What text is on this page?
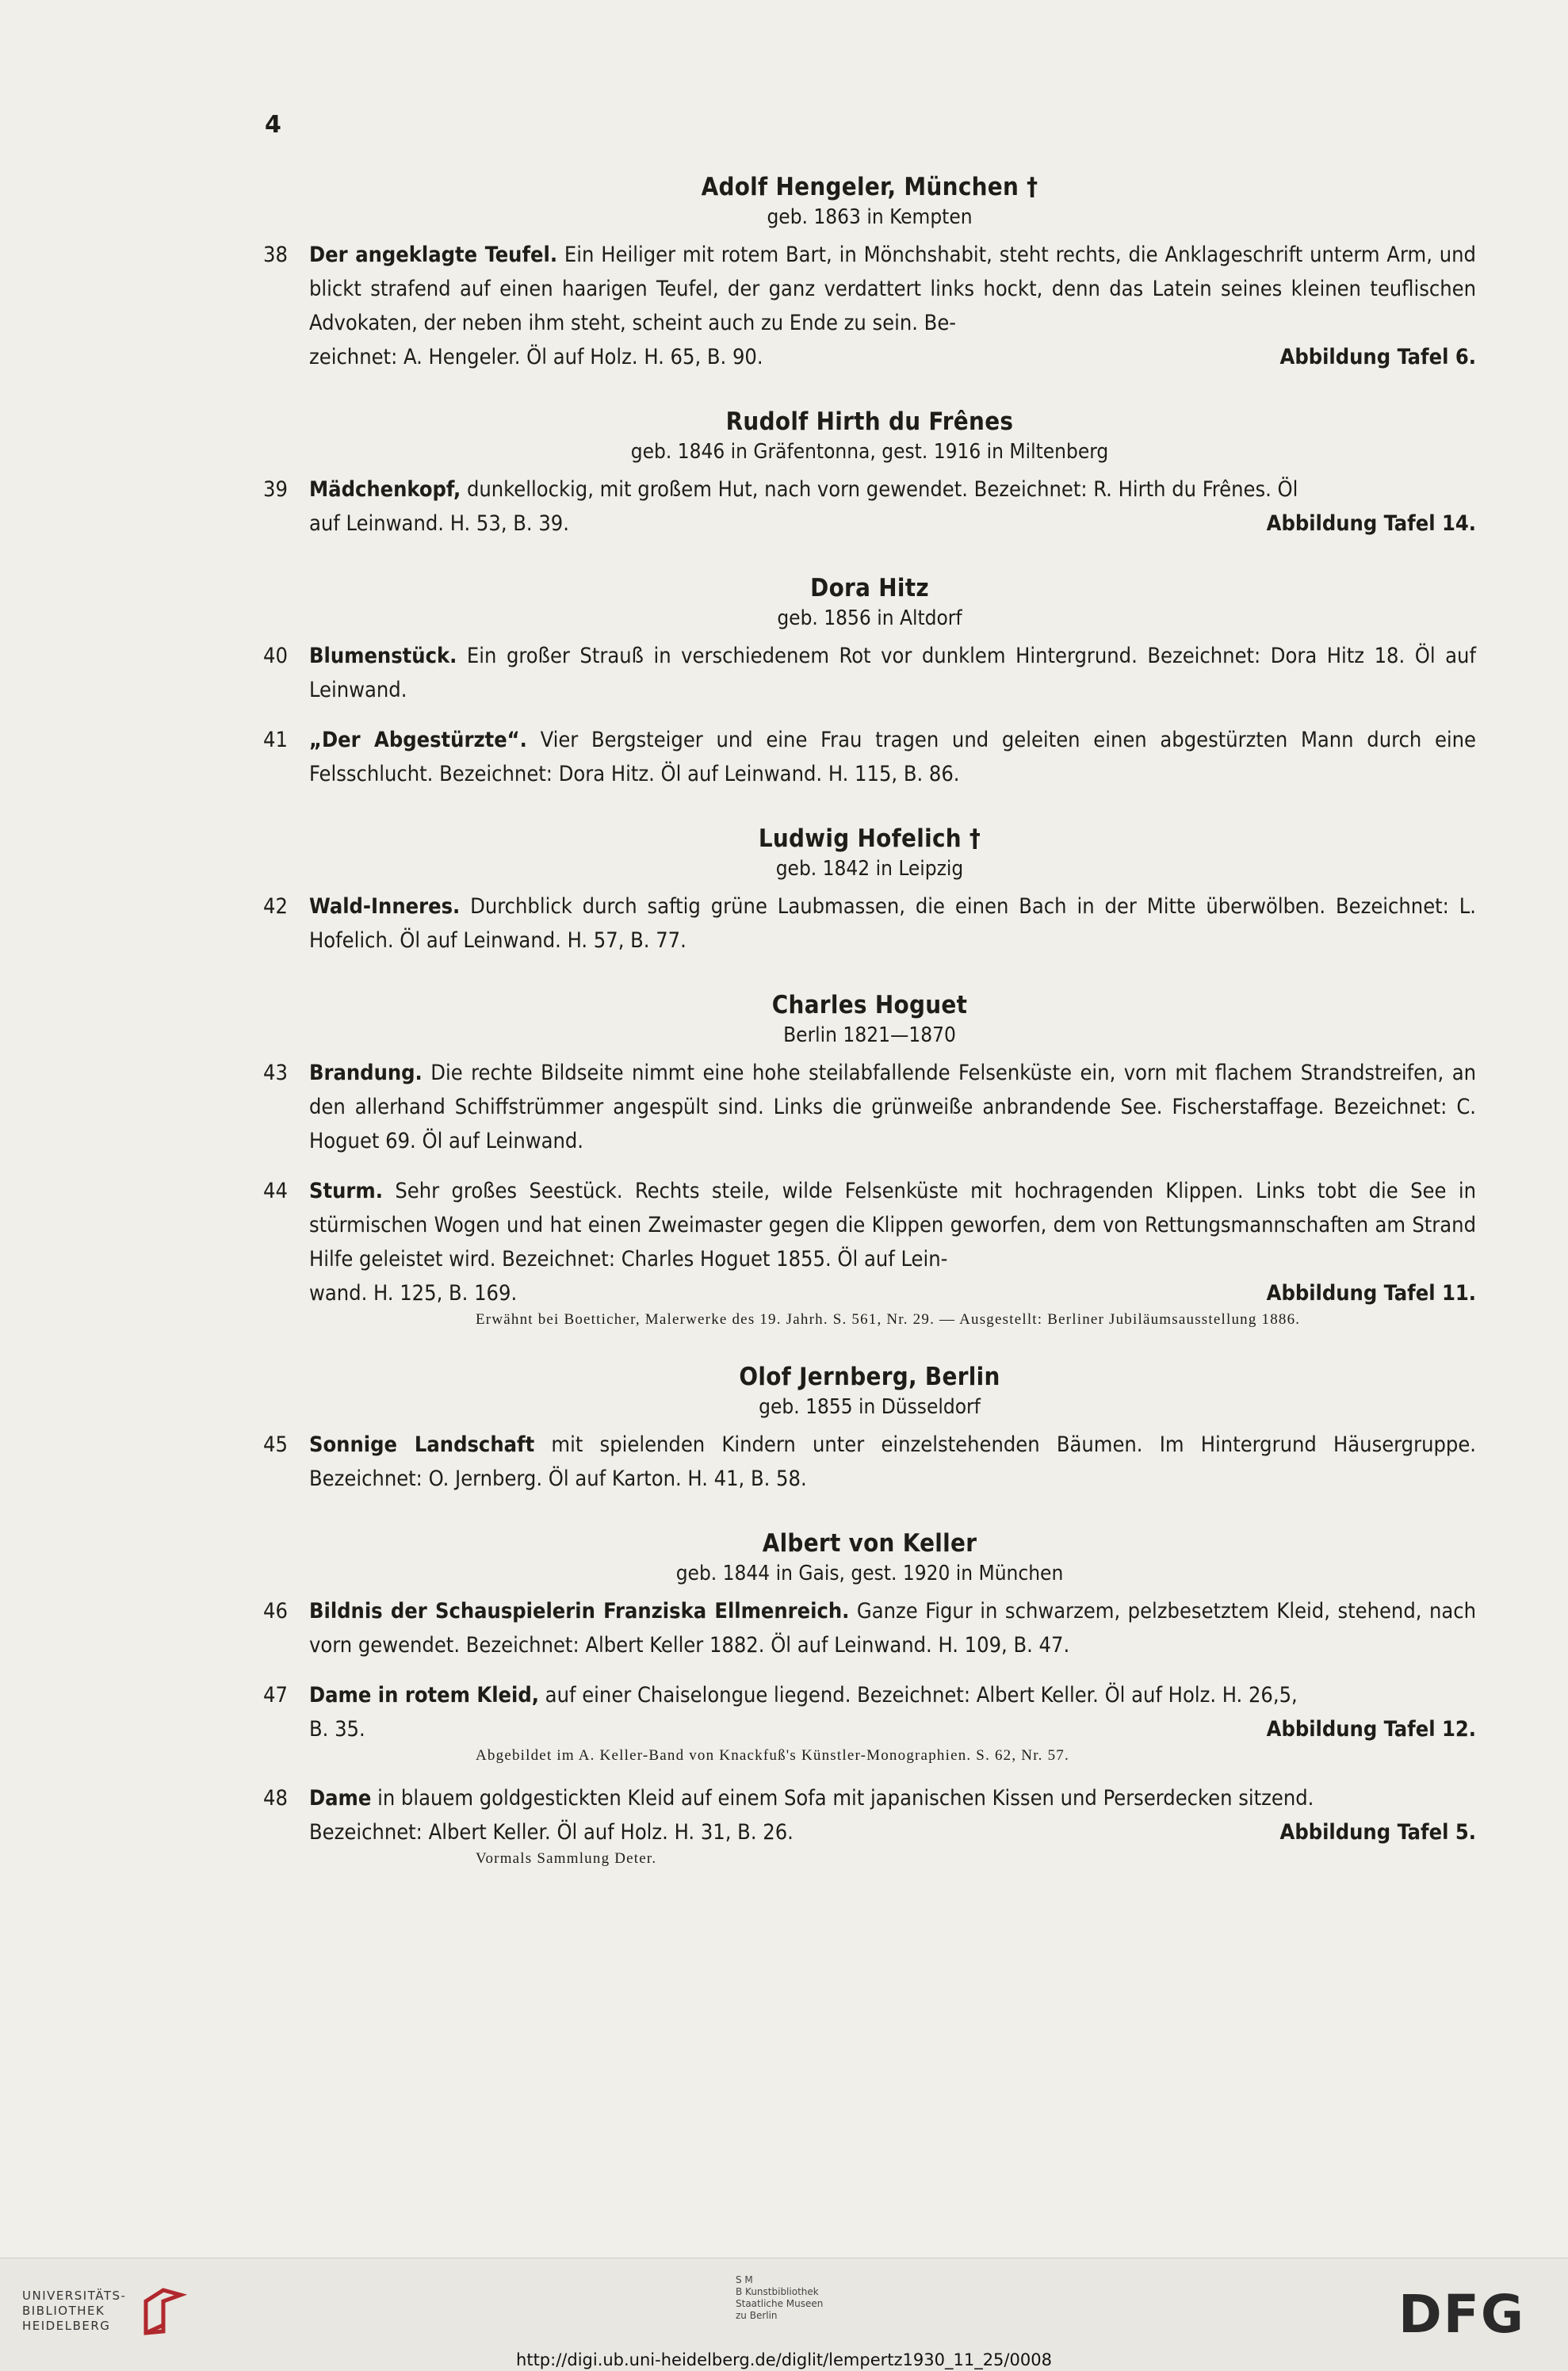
4
Adolf Hengeler, München †
geb. 1863 in Kempten
38 Der angeklagte Teufel. Ein Heiliger mit rotem Bart, in Mönchshabit, steht rechts, die Anklageschrift unterm Arm, und blickt strafend auf einen haarigen Teufel, der ganz verdattert links hockt, denn das Latein seines kleinen teuflischen Advokaten, der neben ihm steht, scheint auch zu Ende zu sein. Be-
zeichnet: A. Hengeler. Öl auf Holz. H. 65, B. 90.	Abbildung Tafel 6.
Rudolf Hirth du Frênes
geb. 1846 in Gräfentonna, gest. 1916 in Miltenberg
39 Mädchenkopf, dunkellockig, mit großem Hut, nach vorn gewendet. Bezeichnet: R. Hirth du Frênes. Öl
auf Leinwand. H. 53, B. 39.	Abbildung Tafel 14.
Dora Hitz
geb. 1856 in Altdorf
40 Blumenstück. Ein großer Strauß in verschiedenem Rot vor dunklem Hintergrund. Bezeichnet: Dora Hitz 18. Öl auf Leinwand.
41 „Der Abgestürzte“. Vier Bergsteiger und eine Frau tragen und geleiten einen abgestürzten Mann durch eine Felsschlucht. Bezeichnet: Dora Hitz. Öl auf Leinwand. H. 115, B. 86.
Ludwig Hofelich †
geb. 1842 in Leipzig
42 Wald-Inneres. Durchblick durch saftig grüne Laubmassen, die einen Bach in der Mitte überwölben. Bezeichnet: L. Hofelich. Öl auf Leinwand. H. 57, B. 77.
Charles Hoguet
Berlin 1821—1870
43 Brandung. Die rechte Bildseite nimmt eine hohe steilabfallende Felsenküste ein, vorn mit flachem Strandstreifen, an den allerhand Schiffstrümmer angespült sind. Links die grünweiße anbrandende See. Fischerstaffage. Bezeichnet: C. Hoguet 69. Öl auf Leinwand.
44 Sturm. Sehr großes Seestück. Rechts steile, wilde Felsenküste mit hochragenden Klippen. Links tobt die See in stürmischen Wogen und hat einen Zweimaster gegen die Klippen geworfen, dem von Rettungsmannschaften am Strand Hilfe geleistet wird. Bezeichnet: Charles Hoguet 1855. Öl auf Lein-
wand. H. 125, B. 169.	Abbildung Tafel 11.
Erwähnt bei Boetticher, Malerwerke des 19. Jahrh. S. 561, Nr. 29. — Ausgestellt: Berliner Jubiläumsausstellung 1886.
Olof Jernberg, Berlin
geb. 1855 in Düsseldorf
45 Sonnige Landschaft mit spielenden Kindern unter einzelstehenden Bäumen. Im Hintergrund Häusergruppe. Bezeichnet: O. Jernberg. Öl auf Karton. H. 41, B. 58.
Albert von Keller
geb. 1844 in Gais, gest. 1920 in München
46 Bildnis der Schauspielerin Franziska Ellmenreich. Ganze Figur in schwarzem, pelzbesetztem Kleid, stehend, nach vorn gewendet. Bezeichnet: Albert Keller 1882. Öl auf Leinwand. H. 109, B. 47.
47 Dame in rotem Kleid, auf einer Chaiselongue liegend. Bezeichnet: Albert Keller. Öl auf Holz. H. 26,5,
B. 35.	Abbildung Tafel 12.
Abgebildet im A. Keller-Band von Knackfuß's Künstler-Monographien. S. 62, Nr. 57.
48 Dame in blauem goldgestickten Kleid auf einem Sofa mit japanischen Kissen und Perserdecken sitzend.
Bezeichnet: Albert Keller. Öl auf Holz. H. 31, B. 26.	Abbildung Tafel 5.
Vormals Sammlung Deter.
UNIVERSITÄTS-
BIBLIOTHEK
HEIDELBERG
S M
B Kunstbibliothek
Staatliche Museen
zu Berlin	DFG
http://digi.ub.uni-heidelberg.de/diglit/lempertz1930_11_25/0008
